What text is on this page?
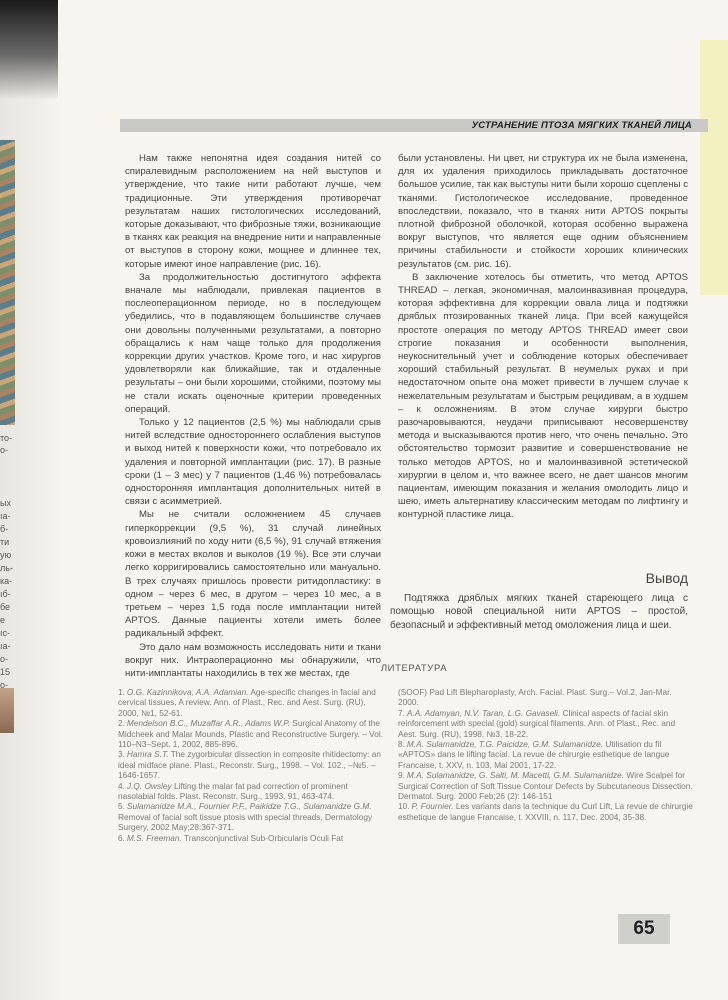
то-
о-
ых
ıа-
б-
ти
ую
ль-
ка-
ıб-
бе
е
ıс-
ıа-
о-
15
о-
УСТРАНЕНИЕ ПТОЗА МЯГКИХ ТКАНЕЙ ЛИЦА

Нам также непонятна идея создания нитей со спиралевидным расположением на ней выступов и утверждение, что такие нити работают лучше, чем традиционные. Эти утверждения противоречат результатам наших гистологических исследований, которые доказывают, что фиброзные тяжи, возникающие в тканях как реакция на внедрение нити и направленные от выступов в сторону кожи, мощнее и длиннее тех, которые имеют иное направление (рис. 16).

За продолжительностью достигнутого эффекта вначале мы наблюдали, привлекая пациентов в послеоперационном периоде, но в последующем убедились, что в подавляющем большинстве случаев они довольны полученными результатами, а повторно обращались к нам чаще только для продолжения коррекции других участков. Кроме того, и нас хирургов удовлетворяли как ближайшие, так и отдаленные результаты – они были хорошими, стойкими, поэтому мы не стали искать оценочные критерии проведенных операций.

Только у 12 пациентов (2,5 %) мы наблюдали срыв нитей вследствие одностороннего ослабления выступов и выход нитей к поверхности кожи, что потребовало их удаления и повторной имплантации (рис. 17). В разные сроки (1 – 3 мес) у 7 пациентов (1,46 %) потребовалась односторонняя имплантация дополнительных нитей в связи с асимметрией.

Мы не считали осложнением 45 случаев гиперкоррекции (9,5 %), 31 случай линейных кровоизлияний по ходу нити (6,5 %), 91 случай втяжения кожи в местах вколов и выколов (19 %). Все эти случаи легко корригировались самостоятельно или мануально. В трех случаях пришлось провести ритидопластику: в одном – через 6 мес, в другом – через 10 мес, а в третьем – через 1,5 года после имплантации нитей APTOS. Данные пациенты хотели иметь более радикальный эффект.

Это дало нам возможность исследовать нити и ткани вокруг них. Интраоперационно мы обнаружили, что нити-имплантаты находились в тех же местах, где

были установлены. Ни цвет, ни структура их не была изменена, для их удаления приходилось прикладывать достаточное большое усилие, так как выступы нити были хорошо сцеплены с тканями. Гистологическое исследование, проведенное впоследствии, показало, что в тканях нити APTOS покрыты плотной фиброзной оболочкой, которая особенно выражена вокруг выступов, что является еще одним объяснением причины стабильности и стойкости хороших клинических результатов (см. рис. 16).

В заключение хотелось бы отметить, что метод APTOS THREAD – легкая, экономичная, малоинвазивная процедура, которая эффективна для коррекции овала лица и подтяжки дряблых птозированных тканей лица. При всей кажущейся простоте операция по методу APTOS THREAD имеет свои строгие показания и особенности выполнения, неукоснительный учет и соблюдение которых обеспечивает хороший стабильный результат. В неумелых руках и при недостаточном опыте она может привести в лучшем случае к нежелательным результатам и быстрым рецидивам, а в худшем – к осложнениям. В этом случае хирурги быстро разочаровываются, неудачи приписывают несовершенству метода и высказываются против него, что очень печально. Это обстоятельство тормозит развитие и совершенствование не только методов APTOS, но и малоинвазивной эстетической хирургии в целом и, что важнее всего, не дает шансов многим пациентам, имеющим показания и желания омолодить лицо и шею, иметь альтернативу классическим методам по лифтингу и контурной пластике лица.

Вывод

Подтяжка дряблых мягких тканей стареющего лица с помощью новой специальной нити APTOS – простой, безопасный и эффективный метод омоложения лица и шеи.

ЛИТЕРАТУРА

1. O.G. Kazinnikova, A.A. Adamian. Age-specific changes in facial and cervical tissues, A review. Ann. of Plast., Rec. and Aest. Surg. (RU), 2000, №1, 52-61.

2. Mendelson B.C., Muzaffar A.R., Adams W.P. Surgical Anatomy of the Midcheek and Malar Mounds, Plastic and Reconstructive Surgery. – Vol. 110–N3–Sept. 1, 2002, 885-896.

3. Hamra S.T. The zygorbicular dissection in composite rhitidectomy: an ideal midface plane. Plast., Reconstr. Surg., 1998. – Vol. 102., –№5. – 1646-1657.

4. J.Q. Owsley Lifting the malar fat pad correction of prominent nasolabial folds. Plast. Reconstr. Surg., 1993, 91, 463-474.

5. Sulamanidze M.A., Fournier P.F., Paikidze T.G., Sulamanidze G.M. Removal of facial soft tissue ptosis with special threads, Dermatology Surgery, 2002 May;28:367-371.

6. M.S. Freeman. Transconjunctival Sub-Orbicularis Oculi Fat

(SOOF) Pad Lift Blepharoplasty, Arch. Facial. Plast. Surg.– Vol.2, Jan-Mar. 2000.

7. A.A. Adamyan, N.V. Taran, L.G. Gavaseli. Clinical aspects of facial skin reinforcement with special (gold) surgical filaments. Ann. of Plast., Rec. and Aest. Surg. (RU), 1998, №3, 18-22.

8. M.A. Sulamanidze, T.G. Paicidze, G.M. Sulamanidze. Utilisation du fil «APTOS» dans le lifting facial. La revue de chirurgie esthetique de langue Francaise, t. XXV, n. 103, Mai 2001, 17-22.

9. M.A. Sulamanidze, G. Salti, M. Macetti, G.M. Sulamanidze. Wire Scalpel for Surgical Correction of Soft Tissue Contour Defects by Subcutaneous Dissection. Dermatol. Surg. 2000 Feb;26 (2): 146-151

10. P. Fournier. Les variants dans la technique du Curl Lift, La revue de chirurgie esthetique de langue Francaise, t. XXVIII, n. 117, Dec. 2004, 35-38.

65
